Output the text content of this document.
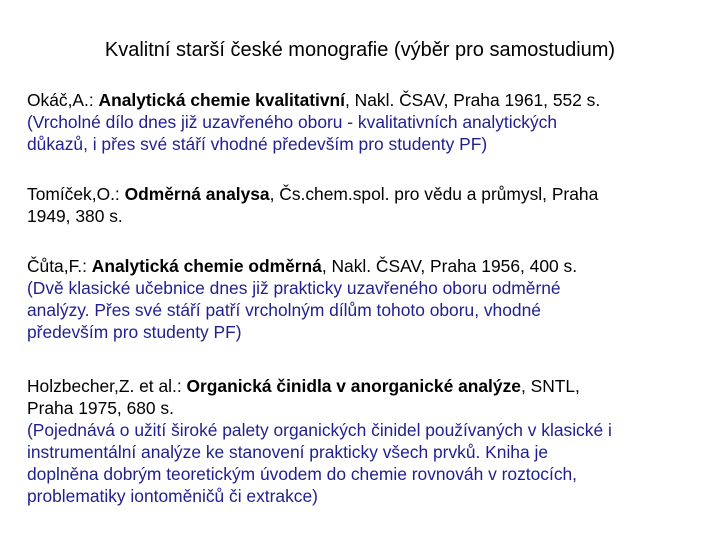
Kvalitní starší české monografie (výběr pro samostudium)
Okáč,A.: Analytická chemie kvalitativní, Nakl. ČSAV, Praha 1961, 552 s.
(Vrcholné dílo dnes již uzavřeného oboru - kvalitativních analytických
důkazů, i přes své stáří vhodné především pro studenty PF)
Tomíček,O.: Odměrná analysa, Čs.chem.spol. pro vědu a průmysl, Praha
1949, 380 s.
Čůta,F.: Analytická chemie odměrná, Nakl. ČSAV, Praha 1956, 400 s.
(Dvě klasické učebnice dnes již prakticky uzavřeného oboru odměrné
analýzy. Přes své stáří patří vrcholným dílům tohoto oboru, vhodné
především pro studenty PF)
Holzbecher,Z. et al.: Organická činidla v anorganické analýze, SNTL,
Praha 1975, 680 s.
(Pojednává o užití široké palety organických činidel používaných v klasické i
instrumentální analýze ke stanovení prakticky všech prvků. Kniha je
doplněna dobrým teoretickým úvodem do chemie rovnováh v roztocích,
problematiky iontoměničů či extrakce)
